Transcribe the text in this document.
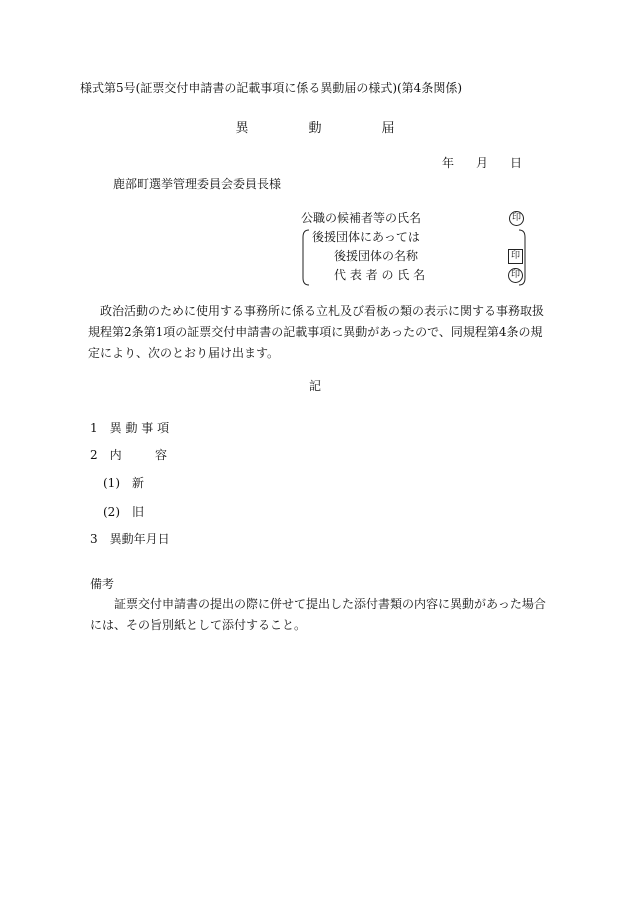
様式第5号(証票交付申請書の記載事項に係る異動届の様式)(第4条関係)
異	動	届
年 月 日
鹿部町選挙管理委員会委員長様
公職の候補者等の氏名	印
後援団体にあっては
後援団体の名称	印
代 表 者 の 氏 名	印
政治活動のために使用する事務所に係る立札及び看板の類の表示に関する事務取扱規程第2条第1項の証票交付申請書の記載事項に異動があったので、同規程第4条の規定により、次のとおり届け出ます。
記
1　異 動 事 項
2　内	容
(1)　新
(2)　旧
3　異動年月日
備考
証票交付申請書の提出の際に併せて提出した添付書類の内容に異動があった場合には、その旨別紙として添付すること。
